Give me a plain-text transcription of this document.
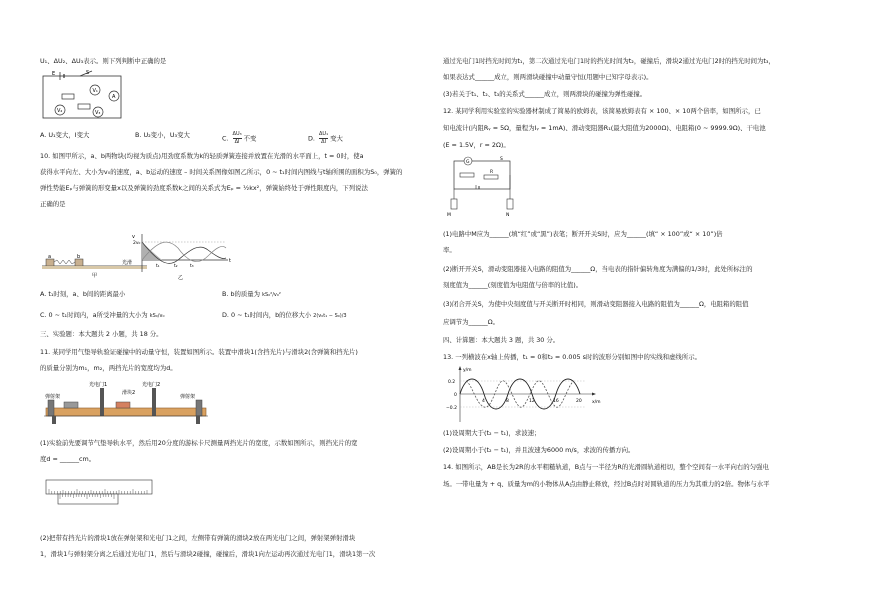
U₁、ΔU₂、ΔU₃表示。则下列判断中正确的是
E
V₁
A
V₂	V₃
A. U₁变大，I变大	B. U₂变小，U₃变大	C. $\frac{\text{ΔU₃}}{\Delta I}$ 不变	D. $\frac{\text{ΔU₁}}{\Delta I}$ 变大
10. 如图甲所示，a、b两物块(均视为质点)用劲度系数为k的轻质弹簧连接并放置在光滑的水平面上，t = 0时，使a
获得水平向左、大小为v₀的速度，a、b运动的速度 – 时间关系图像如图乙所示，0 ~ t₁时间内图线与t轴所围的面积为S₀，弹簧的
弹性势能Eₚ与弹簧的形变量x以及弹簧的劲度系数k之间的关系式为Eₚ = ½kx²，弹簧始终处于弹性限度内，下列说法
正确的是
a	b
光滑
甲
v
t
2v₀
t₁	t₂	t₃
乙
A. t₁时刻，a、b间的距离最小	B. b的质量为 kS₀²/v₀²
C. 0 ~ t₁时间内，a所受冲量的大小为 kS₀/v₀	D. 0 ~ t₁时间内，b的位移大小 2(v₀t₁ − S₀)/3
三、实验题：本大题共 2 小题，共 18 分。
11. 某同学用气垫导轨验证碰撞中的动量守恒，装置如图所示。装置中滑块1(含挡光片)与滑块2(含弹簧和挡光片)
的质量分别为m₁，m₂，两挡光片的宽度均为d。
弹射架
光电门1
滑块2
光电门2
弹射架
(1)实验前先要调节气垫导轨水平，然后用20分度的游标卡尺测量两挡光片的宽度，示数如图所示，则挡光片的宽
度d = ______cm。
(2)把带有挡光片的滑块1放在弹射架和光电门1之间，左侧带有弹簧的滑块2放在两光电门之间，弹射架弹射滑块
1，滑块1与弹射架分离之后通过光电门1，然后与滑块2碰撞，碰撞后，滑块1向左运动再次通过光电门1，滑块1第一次
通过光电门1时挡光时间为t₁，第二次通过光电门1时的挡光时间为t₂，碰撞后，滑块2通过光电门2时的挡光时间为t₃，
如果表达式______成立，则两滑块碰撞中动量守恒(用题中已知字母表示)。
(3)若关于t₁、t₂、t₃的关系式______成立，则两滑块的碰撞为弹性碰撞。
12. 某同学利用实验室的实验器材制成了简易的欧姆表，该简易欧姆表有 × 100、× 10两个倍率，如图所示，已
知电流计(内阻Rᵧ = 5Ω，量程为Iᵧ = 1mA)、滑动变阻器R₁(最大阻值为2000Ω)、电阻箱(0 ~ 9999.9Ω)、干电池
(E = 1.5V，r = 2Ω)。
G
R
S
M	N
(1)电路中M应为______(填“红”或“黑”)表笔；断开开关S时，应为______(填“ × 100”或“ × 10”)倍
率。
(2)断开开关S，滑动变阻器接入电路的阻值为______Ω，当电表的指针偏转角度为满偏的1/3时，此处所标注的
刻度值为______(刻度值为电阻值与倍率的比值)。
(3)闭合开关S，为使中央刻度值与开关断开时相同，则滑动变阻器接入电路的阻值为______Ω，电阻箱的阻值
应调节为______Ω。
四、计算题：本大题共 3 题，共 30 分。
13. 一列横波在x轴上传播，t₁ = 0和t₂ = 0.005 s时的波形分别如图中的实线和虚线所示。
y/m
x/m
0.2
0
−0.2
4	8	12	16	20
(1)设周期大于(t₂ − t₁)，求波速；
(2)设周期小于(t₂ − t₁)，并且波速为6000 m/s，求波的传播方向。
14. 如图所示，AB是长为2R的水平粗糙轨道，B点与一半径为R的光滑圆轨道相切，整个空间有一水平向右的匀强电
场。一带电量为 + q、质量为m的小物体从A点由静止释放，经过B点时对圆轨道的压力为其重力的2倍。物体与水平
